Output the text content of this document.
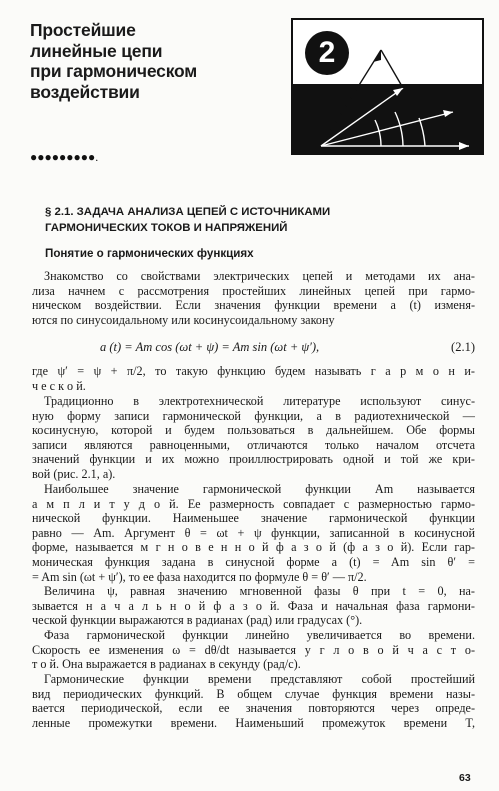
Простейшие
линейные цепи
при гармоническом
воздействии
2
●●●●●●●●●.
§ 2.1. ЗАДАЧА АНАЛИЗА ЦЕПЕЙ С ИСТОЧНИКАМИ
ГАРМОНИЧЕСКИХ ТОКОВ И НАПРЯЖЕНИЙ
Понятие о гармонических функциях
Знакомство со свойствами электрических цепей и методами их ана-
лиза начнем с рассмотрения простейших линейных цепей при гармо-
ническом воздействии. Если значения функции времени a (t) изменя-
ются по синусоидальному или косинусоидальному закону
a (t) = Am cos (ωt + ψ) = Am sin (ωt + ψ′),	(2.1)
где ψ′ = ψ + π/2, то такую функцию будем называть г а р м о н и-
ч е с к о й.
Традиционно в электротехнической литературе используют синус-
ную форму записи гармонической функции, а в радиотехнической —
косинусную, которой и будем пользоваться в дальнейшем. Обе формы
записи являются равноценными, отличаются только началом отсчета
значений функции и их можно проиллюстрировать одной и той же кри-
вой (рис. 2.1, а).
Наибольшее значение гармонической функции Am называется
а м п л и т у д о й. Ее размерность совпадает с размерностью гармо-
нической функции. Наименьшее значение гармонической функции
равно — Am. Аргумент θ = ωt + ψ функции, записанной в косинусной
форме, называется м г н о в е н н о й ф а з о й (ф а з о й). Если гар-
моническая функция задана в синусной форме a (t) = Am sin θ′ =
= Am sin (ωt + ψ′), то ее фаза находится по формуле θ = θ′ — π/2.
Величина ψ, равная значению мгновенной фазы θ при t = 0, на-
зывается н а ч а л ь н о й ф а з о й. Фаза и начальная фаза гармони-
ческой функции выражаются в радианах (рад) или градусах (°).
Фаза гармонической функции линейно увеличивается во времени.
Скорость ее изменения ω = dθ/dt называется у г л о в о й ч а с т о-
т о й. Она выражается в радианах в секунду (рад/с).
Гармонические функции времени представляют собой простейший
вид периодических функций. В общем случае функция времени назы-
вается периодической, если ее значения повторяются через опреде-
ленные промежутки времени. Наименьший промежуток времени T,
63
